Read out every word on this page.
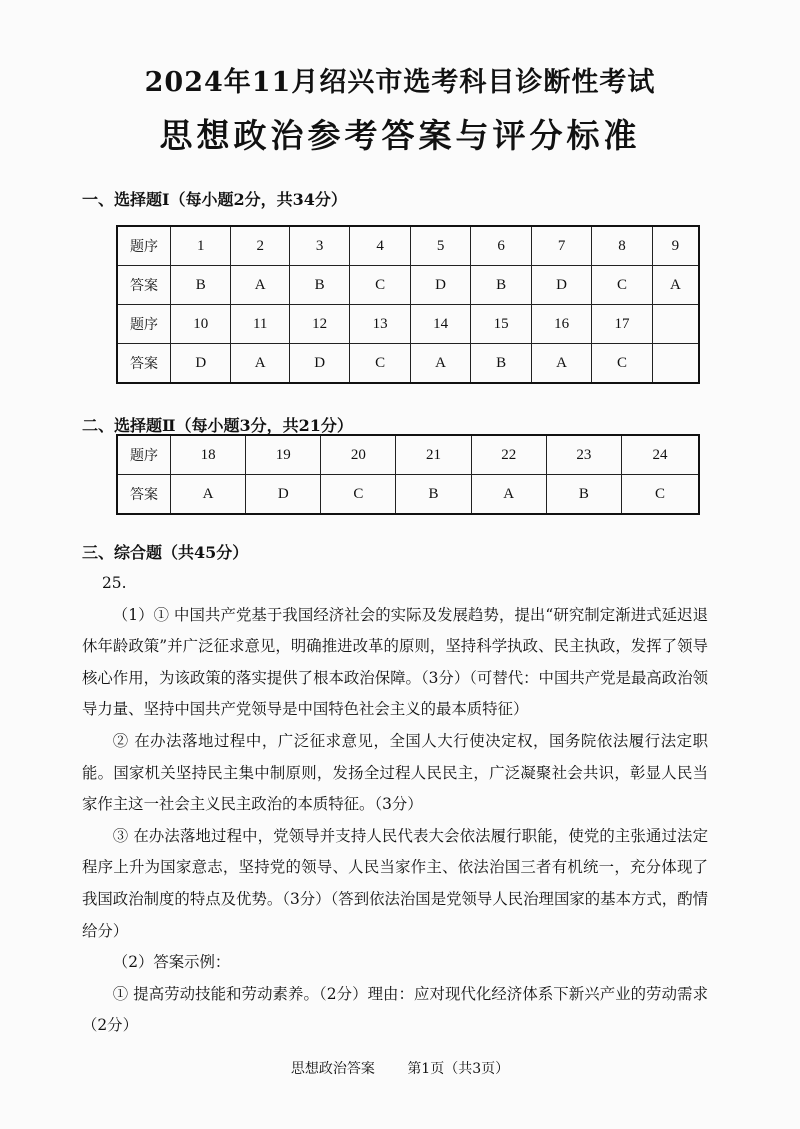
2024年11月绍兴市选考科目诊断性考试
思想政治参考答案与评分标准
一、选择题Ⅰ（每小题2分，共34分）
题序	1	2	3	4	5	6	7	8	9
答案	B	A	B	C	D	B	D	C	A
题序	10	11	12	13	14	15	16	17	
答案	D	A	D	C	A	B	A	C	
二、选择题Ⅱ（每小题3分，共21分）
题序	18	19	20	21	22	23	24
答案	A	D	C	B	A	B	C
三、综合题（共45分）

25.

（1）① 中国共产党基于我国经济社会的实际及发展趋势，提出“研究制定渐进式延迟退休年龄政策”并广泛征求意见，明确推进改革的原则，坚持科学执政、民主执政，发挥了领导核心作用，为该政策的落实提供了根本政治保障。（3分）（可替代：中国共产党是最高政治领导力量、坚持中国共产党领导是中国特色社会主义的最本质特征）

② 在办法落地过程中，广泛征求意见，全国人大行使决定权，国务院依法履行法定职能。国家机关坚持民主集中制原则，发扬全过程人民民主，广泛凝聚社会共识，彰显人民当家作主这一社会主义民主政治的本质特征。（3分）

③ 在办法落地过程中，党领导并支持人民代表大会依法履行职能，使党的主张通过法定程序上升为国家意志，坚持党的领导、人民当家作主、依法治国三者有机统一，充分体现了我国政治制度的特点及优势。（3分）（答到依法治国是党领导人民治理国家的基本方式，酌情给分）

（2）答案示例：

① 提高劳动技能和劳动素养。（2分）理由：应对现代化经济体系下新兴产业的劳动需求（2分）

思想政治答案 第1页（共3页）
